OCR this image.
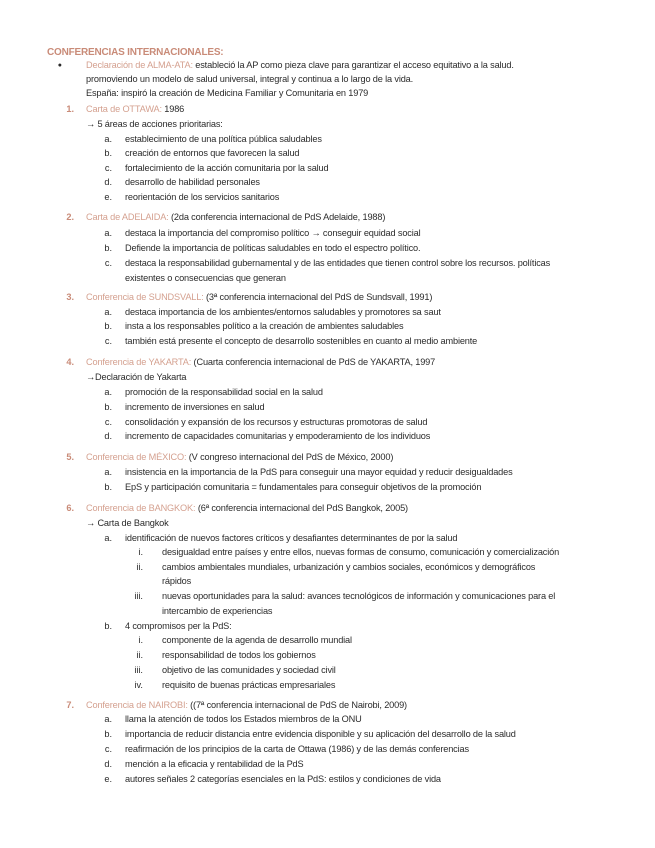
CONFERENCIAS INTERNACIONALES:
●	Declaración de ALMA-ATA: estableció la AP como pieza clave para garantizar el acceso equitativo a la salud.
promoviendo un modelo de salud universal, integral y continua a lo largo de la vida.
España: inspiró la creación de Medicina Familiar y Comunitaria en 1979
1. Carta de OTTAWA: 1986
→ 5 áreas de acciones prioritarias:
a. establecimiento de una política pública saludables
b. creación de entornos que favorecen la salud
c. fortalecimiento de la acción comunitaria por la salud
d. desarrollo de habilidad personales
e. reorientación de los servicios sanitarios
2. Carta de ADELAIDA: (2da conferencia internacional de PdS Adelaide, 1988)
a. destaca la importancia del compromiso político → conseguir equidad social
b. Defiende la importancia de políticas saludables en todo el espectro político.
c. destaca la responsabilidad gubernamental y de las entidades que tienen control sobre los recursos. políticas
existentes o consecuencias que generan
3. Conferencia de SUNDSVALL: (3ª conferencia internacional del PdS de Sundsvall, 1991)
a. destaca importancia de los ambientes/entornos saludables y promotores sa saut
b. insta a los responsables político a la creación de ambientes saludables
c. también está presente el concepto de desarrollo sostenibles en cuanto al medio ambiente
4. Conferencia de YAKARTA: (Cuarta conferencia internacional de PdS de YAKARTA, 1997
→Declaración de Yakarta
a. promoción de la responsabilidad social en la salud
b. incremento de inversiones en salud
c. consolidación y expansión de los recursos y estructuras promotoras de salud
d. incremento de capacidades comunitarias y empoderamiento de los individuos
5. Conferencia de MÉXICO: (V congreso internacional del PdS de México, 2000)
a. insistencia en la importancia de la PdS para conseguir una mayor equidad y reducir desigualdades
b. EpS y participación comunitaria = fundamentales para conseguir objetivos de la promoción
6. Conferencia de BANGKOK: (6ª conferencia internacional del PdS Bangkok, 2005)
→ Carta de Bangkok
a. identificación de nuevos factores críticos y desafiantes determinantes de por la salud
i. desigualdad entre países y entre ellos, nuevas formas de consumo, comunicación y comercialización
ii. cambios ambientales mundiales, urbanización y cambios sociales, económicos y demográficos
rápidos
iii. nuevas oportunidades para la salud: avances tecnológicos de información y comunicaciones para el
intercambio de experiencias
b. 4 compromisos per la PdS:
i. componente de la agenda de desarrollo mundial
ii. responsabilidad de todos los gobiernos
iii. objetivo de las comunidades y sociedad civil
iv. requisito de buenas prácticas empresariales
7. Conferencia de NAIROBI: ((7ª conferencia internacional de PdS de Nairobi, 2009)
a. llama la atención de todos los Estados miembros de la ONU
b. importancia de reducir distancia entre evidencia disponible y su aplicación del desarrollo de la salud
c. reafirmación de los principios de la carta de Ottawa (1986) y de las demás conferencias
d. mención a la eficacia y rentabilidad de la PdS
e. autores señales 2 categorías esenciales en la PdS: estilos y condiciones de vida
